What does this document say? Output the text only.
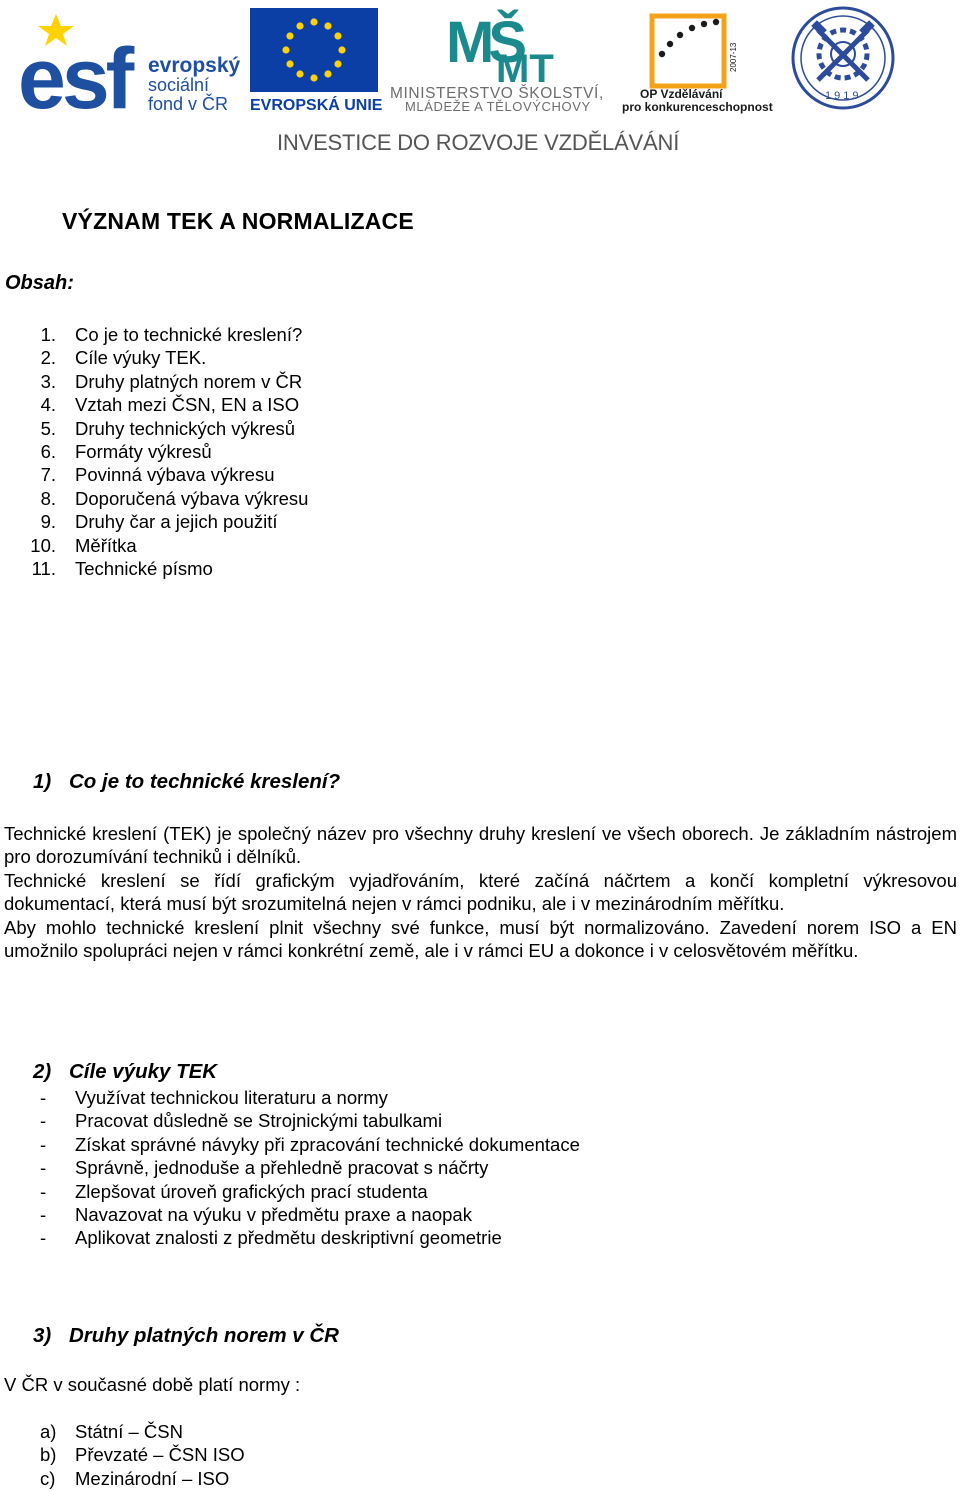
esf evropský
sociální
fond v ČR EVROPSKÁ UNIE
MŠ
MT
MINISTERSTVO ŠKOLSTVÍ,
MLÁDEŽE A TĚLOVÝCHOVY
2007-13
OP Vzdělávání
pro konkurenceschopnost
1919
INVESTICE DO ROZVOJE VZDĚLÁVÁNÍ
VÝZNAM TEK A NORMALIZACE
Obsah:
1. Co je to technické kreslení?
2. Cíle výuky TEK.
3. Druhy platných norem v ČR
4. Vztah mezi ČSN, EN a ISO
5. Druhy technických výkresů
6. Formáty výkresů
7. Povinná výbava výkresu
8. Doporučená výbava výkresu
9. Druhy čar a jejich použití
10. Měřítka
11. Technické písmo
1) Co je to technické kreslení?

Technické kreslení (TEK) je společný název pro všechny druhy kreslení ve všech oborech. Je základním nástrojem pro dorozumívání techniků i dělníků.

Technické kreslení se řídí grafickým vyjadřováním, které začíná náčrtem a končí kompletní výkresovou dokumentací, která musí být srozumitelná nejen v rámci podniku, ale i v mezinárodním měřítku.

Aby mohlo technické kreslení plnit všechny své funkce, musí být normalizováno. Zavedení norem ISO a EN umožnilo spolupráci nejen v rámci konkrétní země, ale i v rámci EU a dokonce i v celosvětovém měřítku.

2) Cíle výuky TEK
- Využívat technickou literaturu a normy
- Pracovat důsledně se Strojnickými tabulkami
- Získat správné návyky při zpracování technické dokumentace
- Správně, jednoduše a přehledně pracovat s náčrty
- Zlepšovat úroveň grafických prací studenta
- Navazovat na výuku v předmětu praxe a naopak
- Aplikovat znalosti z předmětu deskriptivní geometrie
3) Druhy platných norem v ČR
V ČR v současné době platí normy :
a) Státní – ČSN
b) Převzaté – ČSN ISO
c) Mezinárodní – ISO
